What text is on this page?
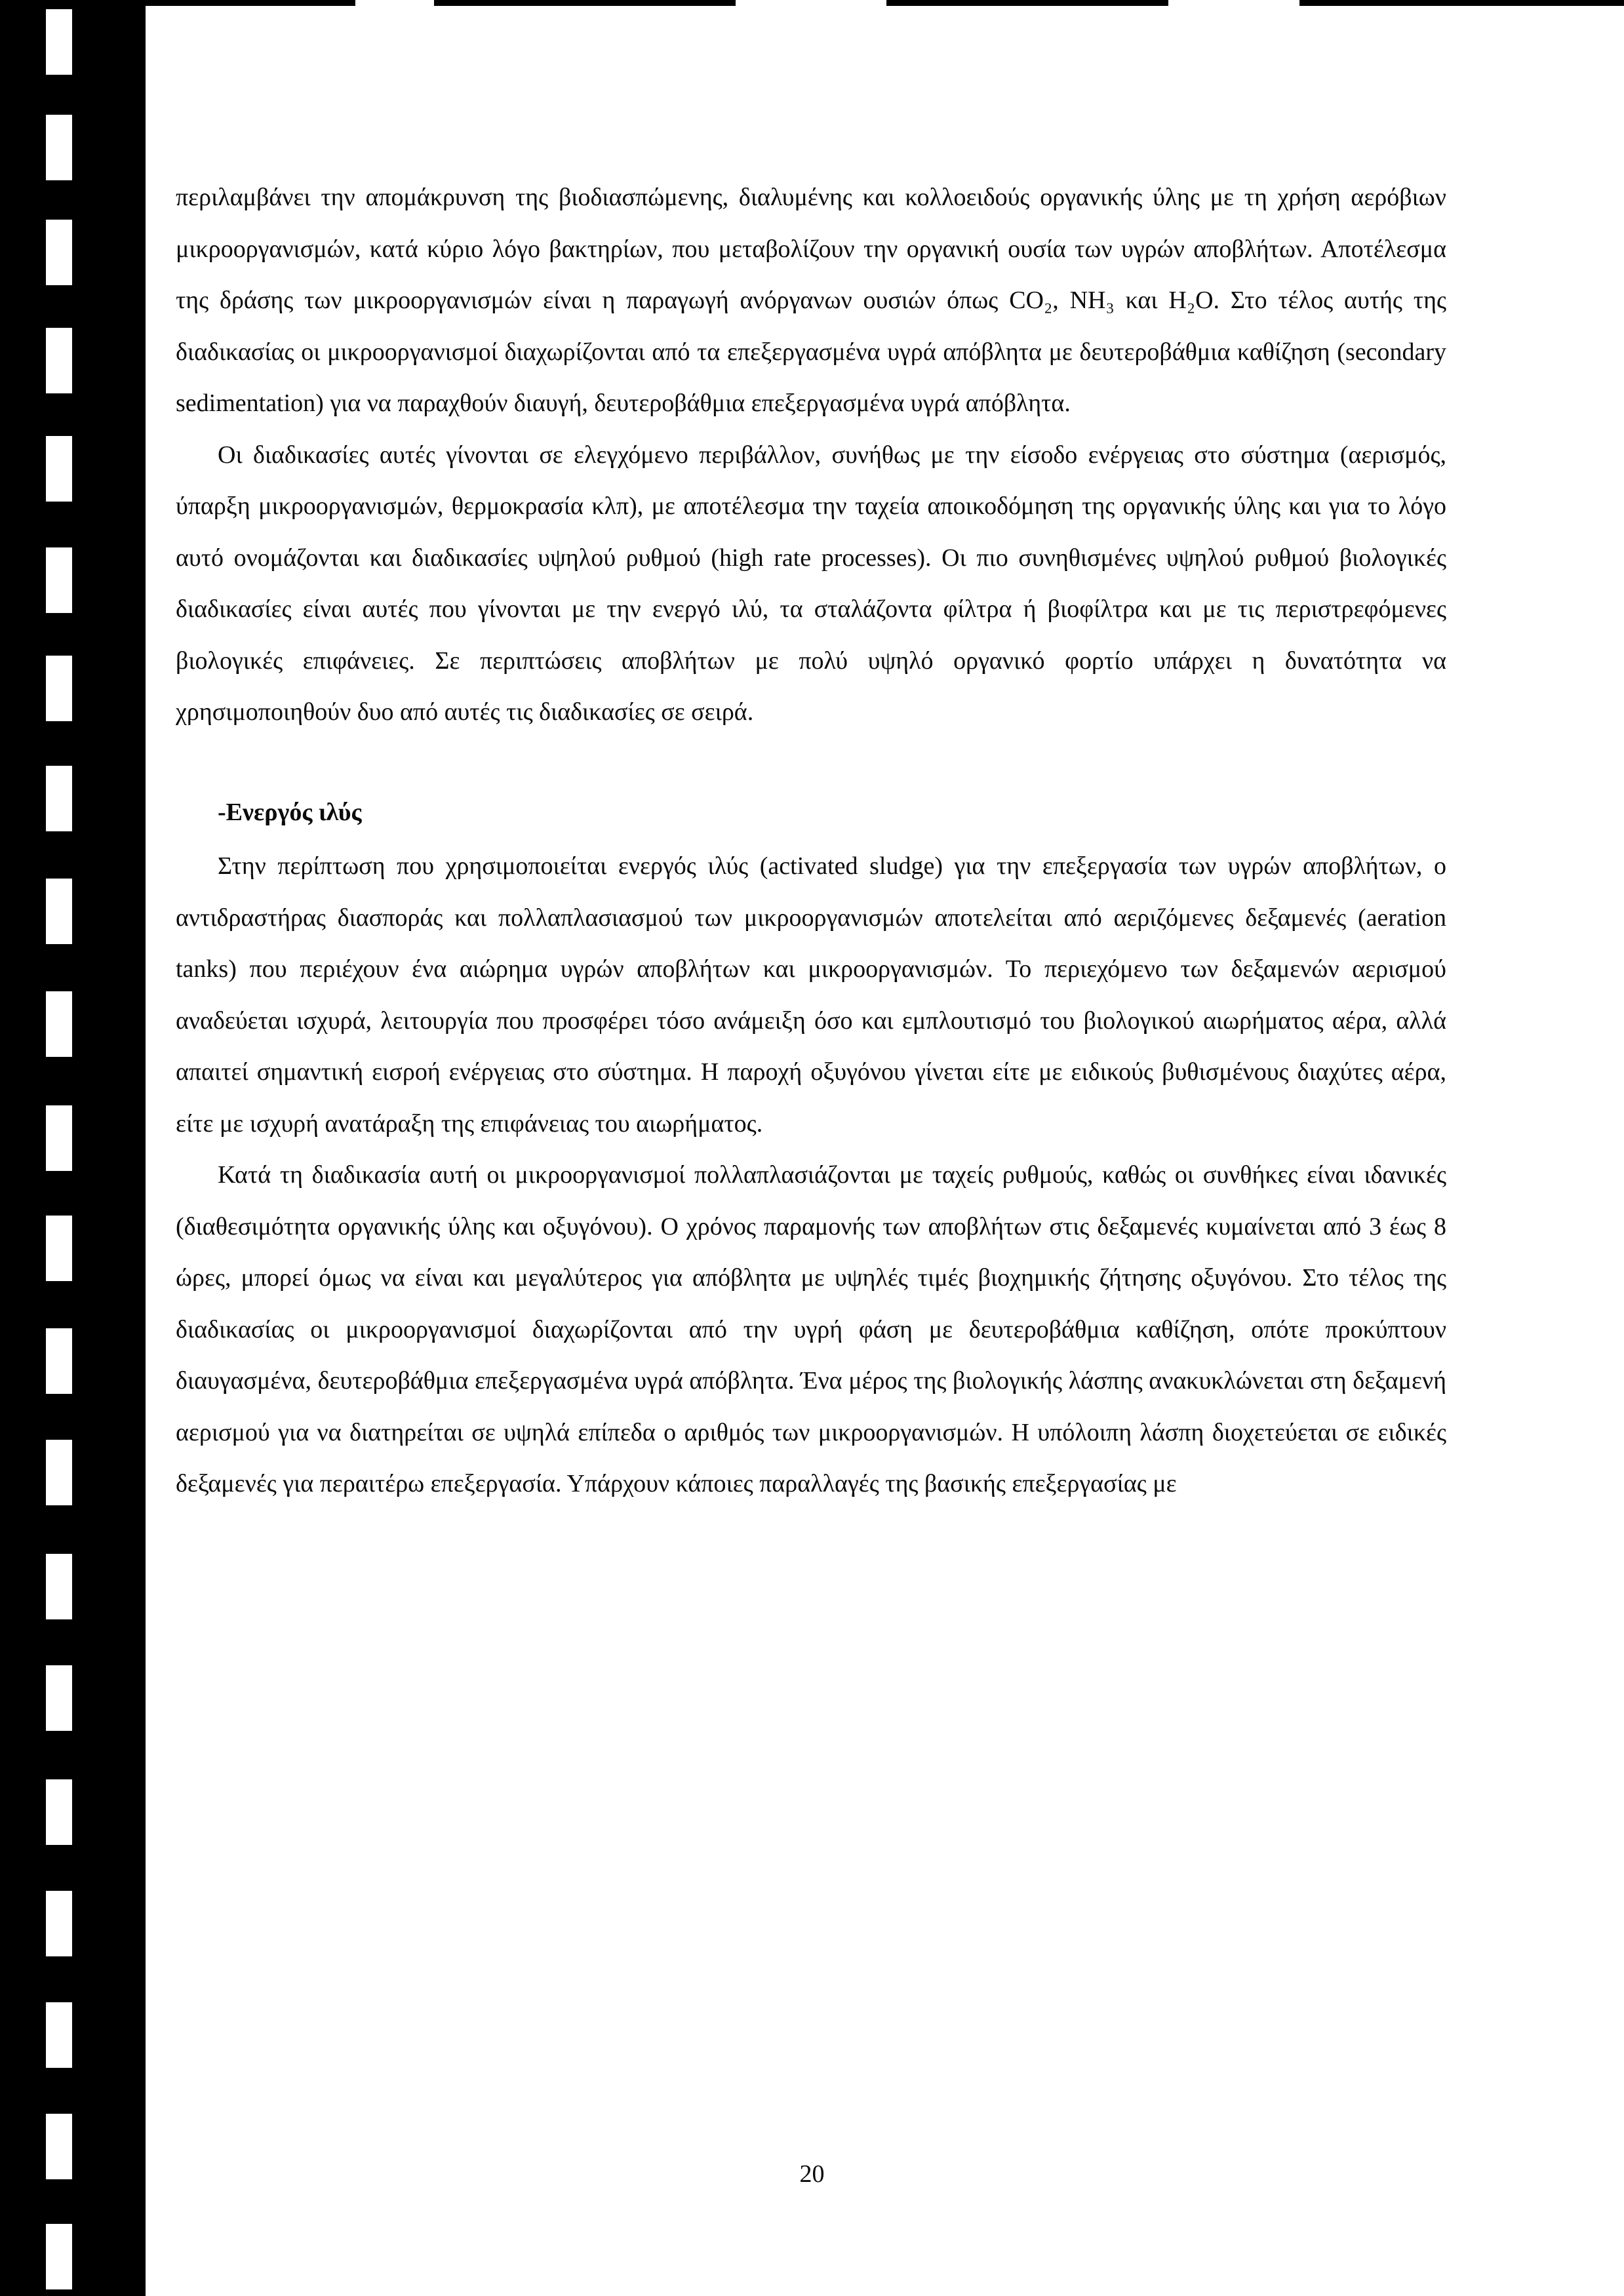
περιλαμβάνει την απομάκρυνση της βιοδιασπώμενης, διαλυμένης και κολλοειδούς οργανικής ύλης με τη χρήση αερόβιων μικροοργανισμών, κατά κύριο λόγο βακτηρίων, που μεταβολίζουν την οργανική ουσία των υγρών αποβλήτων. Αποτέλεσμα της δράσης των μικροοργανισμών είναι η παραγωγή ανόργανων ουσιών όπως CO₂, NH₃ και H₂O. Στο τέλος αυτής της διαδικασίας οι μικροοργανισμοί διαχωρίζονται από τα επεξεργασμένα υγρά απόβλητα με δευτεροβάθμια καθίζηση (secondary sedimentation) για να παραχθούν διαυγή, δευτεροβάθμια επεξεργασμένα υγρά απόβλητα.

Οι διαδικασίες αυτές γίνονται σε ελεγχόμενο περιβάλλον, συνήθως με την είσοδο ενέργειας στο σύστημα (αερισμός, ύπαρξη μικροοργανισμών, θερμοκρασία κλπ), με αποτέλεσμα την ταχεία αποικοδόμηση της οργανικής ύλης και για το λόγο αυτό ονομάζονται και διαδικασίες υψηλού ρυθμού (high rate processes). Οι πιο συνηθισμένες υψηλού ρυθμού βιολογικές διαδικασίες είναι αυτές που γίνονται με την ενεργό ιλύ, τα σταλάζοντα φίλτρα ή βιοφίλτρα και με τις περιστρεφόμενες βιολογικές επιφάνειες. Σε περιπτώσεις αποβλήτων με πολύ υψηλό οργανικό φορτίο υπάρχει η δυνατότητα να χρησιμοποιηθούν δυο από αυτές τις διαδικασίες σε σειρά.

-Ενεργός ιλύς

Στην περίπτωση που χρησιμοποιείται ενεργός ιλύς (activated sludge) για την επεξεργασία των υγρών αποβλήτων, ο αντιδραστήρας διασποράς και πολλαπλασιασμού των μικροοργανισμών αποτελείται από αεριζόμενες δεξαμενές (aeration tanks) που περιέχουν ένα αιώρημα υγρών αποβλήτων και μικροοργανισμών. Το περιεχόμενο των δεξαμενών αερισμού αναδεύεται ισχυρά, λειτουργία που προσφέρει τόσο ανάμειξη όσο και εμπλουτισμό του βιολογικού αιωρήματος αέρα, αλλά απαιτεί σημαντική εισροή ενέργειας στο σύστημα. Η παροχή οξυγόνου γίνεται είτε με ειδικούς βυθισμένους διαχύτες αέρα, είτε με ισχυρή ανατάραξη της επιφάνειας του αιωρήματος.

Κατά τη διαδικασία αυτή οι μικροοργανισμοί πολλαπλασιάζονται με ταχείς ρυθμούς, καθώς οι συνθήκες είναι ιδανικές (διαθεσιμότητα οργανικής ύλης και οξυγόνου). Ο χρόνος παραμονής των αποβλήτων στις δεξαμενές κυμαίνεται από 3 έως 8 ώρες, μπορεί όμως να είναι και μεγαλύτερος για απόβλητα με υψηλές τιμές βιοχημικής ζήτησης οξυγόνου. Στο τέλος της διαδικασίας οι μικροοργανισμοί διαχωρίζονται από την υγρή φάση με δευτεροβάθμια καθίζηση, οπότε προκύπτουν διαυγασμένα, δευτεροβάθμια επεξεργασμένα υγρά απόβλητα. Ένα μέρος της βιολογικής λάσπης ανακυκλώνεται στη δεξαμενή αερισμού για να διατηρείται σε υψηλά επίπεδα ο αριθμός των μικροοργανισμών. Η υπόλοιπη λάσπη διοχετεύεται σε ειδικές δεξαμενές για περαιτέρω επεξεργασία. Υπάρχουν κάποιες παραλλαγές της βασικής επεξεργασίας με

20
